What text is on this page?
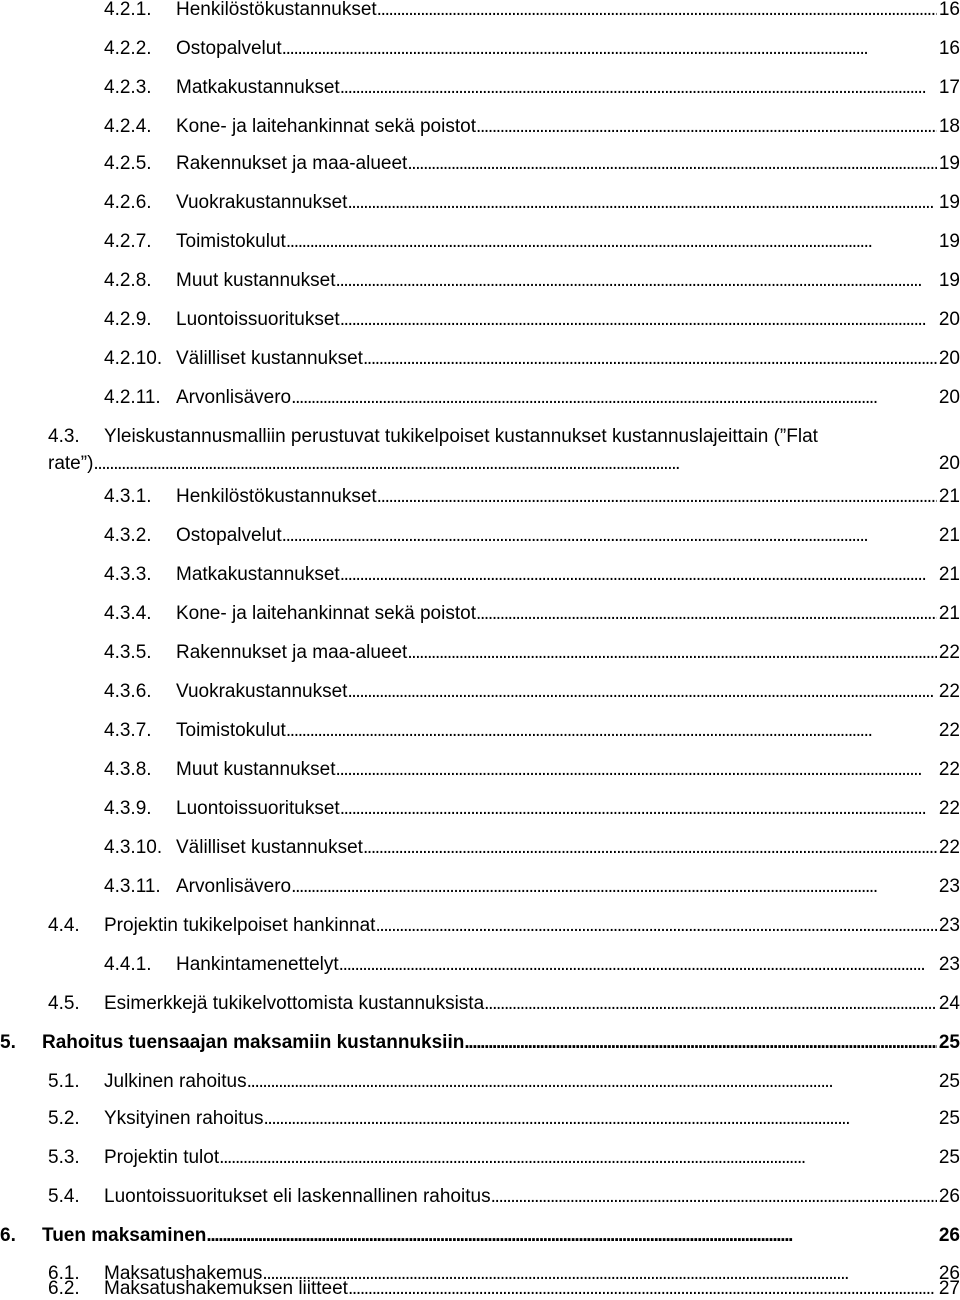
4.2.1.	Henkilöstökustannukset . . .	16
4.2.2.	Ostopalvelut . . .	16
4.2.3.	Matkakustannukset . . .	17
4.2.4.	Kone- ja laitehankinnat sekä poistot . . .	18
4.2.5.	Rakennukset ja maa-alueet . . .	19
4.2.6.	Vuokrakustannukset . . .	19
4.2.7.	Toimistokulut . . .	19
4.2.8.	Muut kustannukset . . .	19
4.2.9.	Luontoissuoritukset . . .	20
4.2.10. Välilliset kustannukset . . .	20
4.2.11. Arvonlisävero . . .	20
4.3.	Yleiskustannusmalliin perustuvat tukikelpoiset kustannukset kustannuslajeittain (”Flat
rate”) . . .	20
4.3.1.	Henkilöstökustannukset . . .	21
4.3.2.	Ostopalvelut . . .	21
4.3.3.	Matkakustannukset . . .	21
4.3.4.	Kone- ja laitehankinnat sekä poistot . . .	21
4.3.5.	Rakennukset ja maa-alueet . . .	22
4.3.6.	Vuokrakustannukset . . .	22
4.3.7.	Toimistokulut . . .	22
4.3.8.	Muut kustannukset . . .	22
4.3.9.	Luontoissuoritukset . . .	22
4.3.10. Välilliset kustannukset . . .	22
4.3.11. Arvonlisävero . . .	23
4.4.	Projektin tukikelpoiset hankinnat . . .	23
4.4.1.	Hankintamenettelyt . . .	23
4.5.	Esimerkkejä tukikelvottomista kustannuksista . . .	24
5.	Rahoitus tuensaajan maksamiin kustannuksiin . . .	25
5.1.	Julkinen rahoitus . . .	25
5.2.	Yksityinen rahoitus . . .	25
5.3.	Projektin tulot . . .	25
5.4.	Luontoissuoritukset eli laskennallinen rahoitus . . .	26
6.	Tuen maksaminen . . .	26
6.1.	Maksatushakemus . . .	26
6.2.	Maksatushakemuksen liitteet . . .	27
